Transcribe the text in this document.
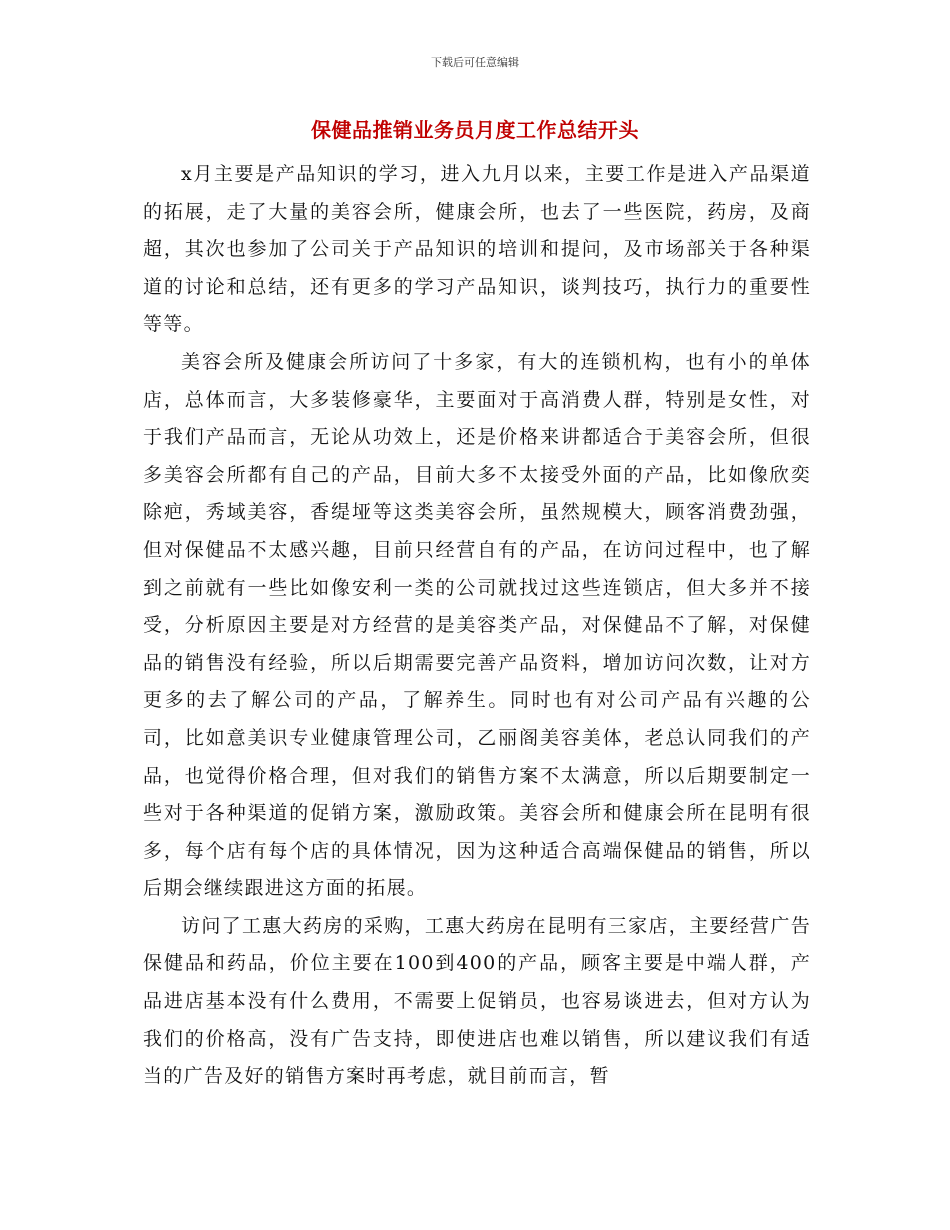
下载后可任意编辑
保健品推销业务员月度工作总结开头

x月主要是产品知识的学习，进入九月以来，主要工作是进入产品渠道的拓展，走了大量的美容会所，健康会所，也去了一些医院，药房，及商超，其次也参加了公司关于产品知识的培训和提问，及市场部关于各种渠道的讨论和总结，还有更多的学习产品知识，谈判技巧，执行力的重要性等等。

美容会所及健康会所访问了十多家，有大的连锁机构，也有小的单体店，总体而言，大多装修豪华，主要面对于高消费人群，特别是女性，对于我们产品而言，无论从功效上，还是价格来讲都适合于美容会所，但很多美容会所都有自己的产品，目前大多不太接受外面的产品，比如像欣奕除疤，秀域美容，香缇垭等这类美容会所，虽然规模大，顾客消费劲强，但对保健品不太感兴趣，目前只经营自有的产品，在访问过程中，也了解到之前就有一些比如像安利一类的公司就找过这些连锁店，但大多并不接受，分析原因主要是对方经营的是美容类产品，对保健品不了解，对保健品的销售没有经验，所以后期需要完善产品资料，增加访问次数，让对方更多的去了解公司的产品，了解养生。同时也有对公司产品有兴趣的公司，比如意美识专业健康管理公司，乙丽阁美容美体，老总认同我们的产品，也觉得价格合理，但对我们的销售方案不太满意，所以后期要制定一些对于各种渠道的促销方案，激励政策。美容会所和健康会所在昆明有很多，每个店有每个店的具体情况，因为这种适合高端保健品的销售，所以后期会继续跟进这方面的拓展。

访问了工惠大药房的采购，工惠大药房在昆明有三家店，主要经营广告保健品和药品，价位主要在100到400的产品，顾客主要是中端人群，产品进店基本没有什么费用，不需要上促销员，也容易谈进去，但对方认为我们的价格高，没有广告支持，即使进店也难以销售，所以建议我们有适当的广告及好的销售方案时再考虑，就目前而言，暂
